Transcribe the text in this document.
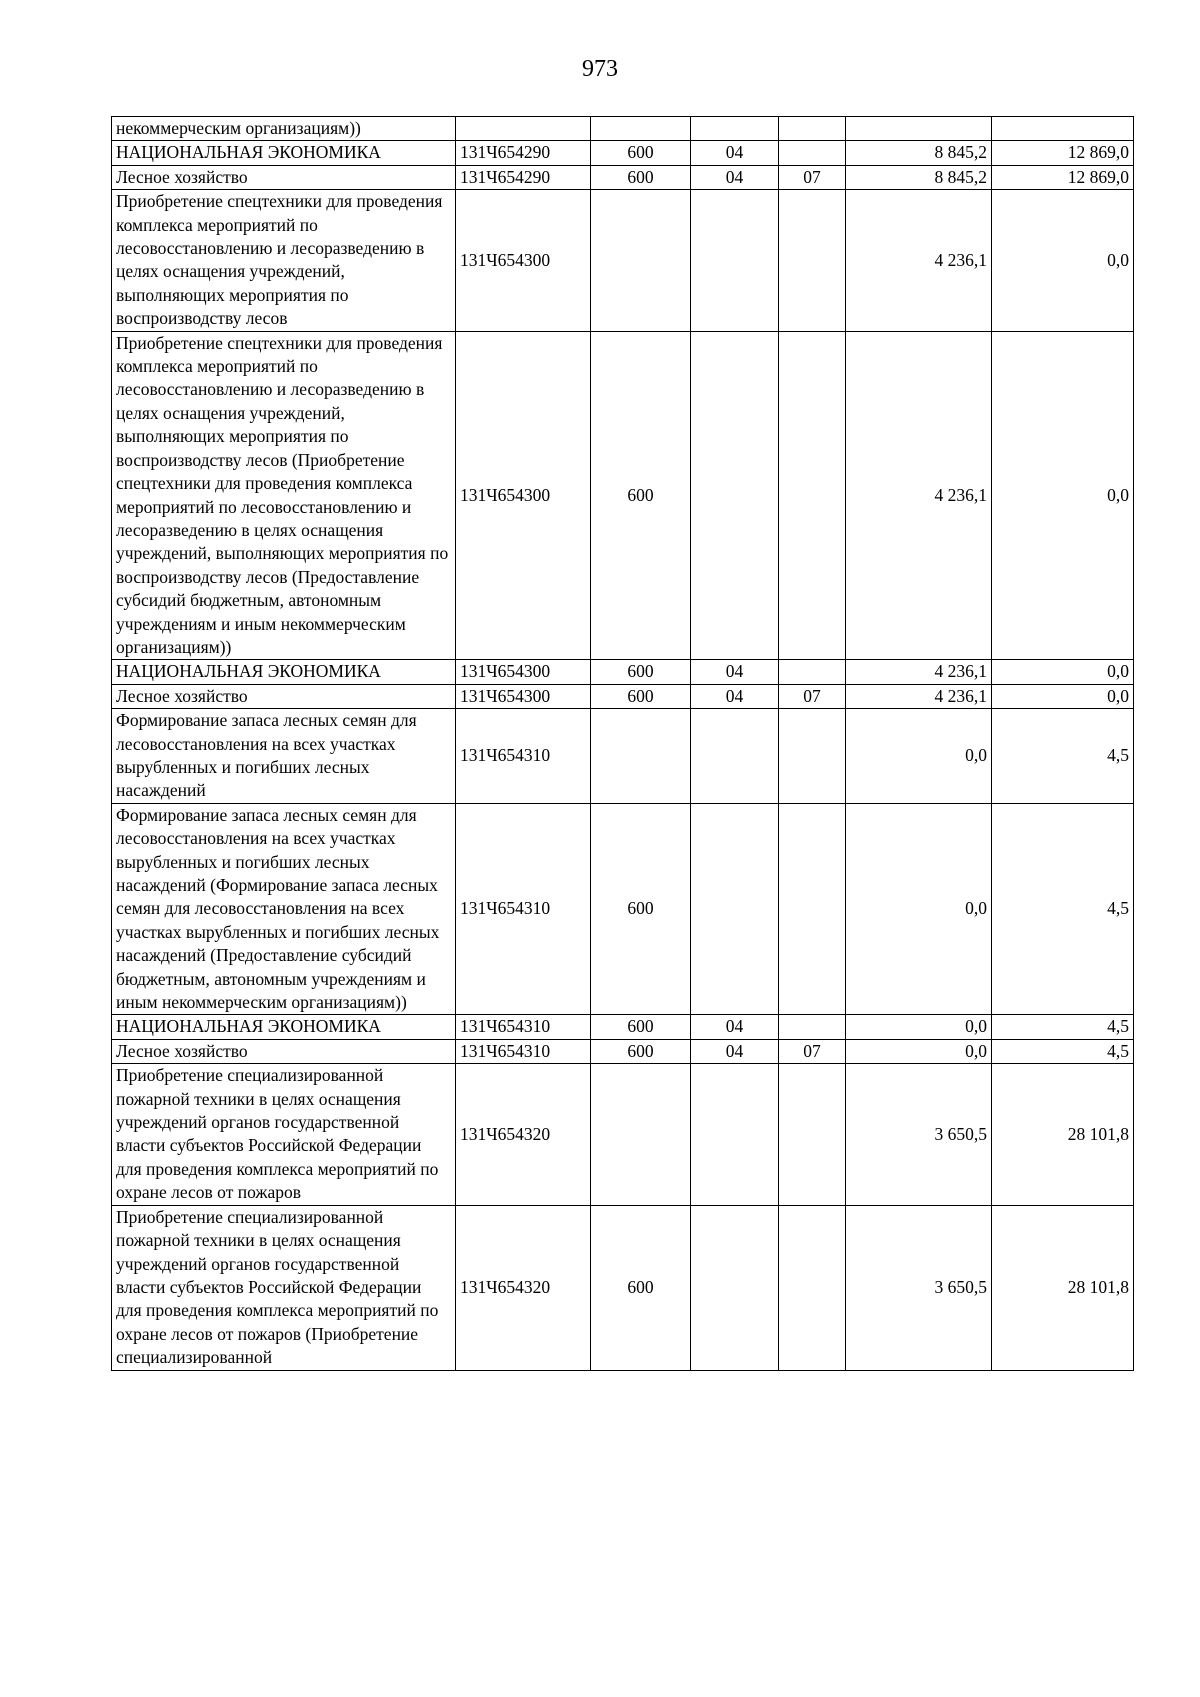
973
некоммерческим организациям))						
НАЦИОНАЛЬНАЯ ЭКОНОМИКА	131Ч654290	600	04		8 845,2	12 869,0
Лесное хозяйство	131Ч654290	600	04	07	8 845,2	12 869,0
Приобретение спецтехники для проведения комплекса мероприятий по лесовосстановлению и лесоразведению в целях оснащения учреждений, выполняющих мероприятия по воспроизводству лесов	131Ч654300				4 236,1	0,0
Приобретение спецтехники для проведения комплекса мероприятий по лесовосстановлению и лесоразведению в целях оснащения учреждений, выполняющих мероприятия по воспроизводству лесов (Приобретение спецтехники для проведения комплекса мероприятий по лесовосстановлению и лесоразведению в целях оснащения учреждений, выполняющих мероприятия по воспроизводству лесов (Предоставление субсидий бюджетным, автономным учреждениям и иным некоммерческим организациям))	131Ч654300	600			4 236,1	0,0
НАЦИОНАЛЬНАЯ ЭКОНОМИКА	131Ч654300	600	04		4 236,1	0,0
Лесное хозяйство	131Ч654300	600	04	07	4 236,1	0,0
Формирование запаса лесных семян для лесовосстановления на всех участках вырубленных и погибших лесных насаждений	131Ч654310				0,0	4,5
Формирование запаса лесных семян для лесовосстановления на всех участках вырубленных и погибших лесных насаждений (Формирование запаса лесных семян для лесовосстановления на всех участках вырубленных и погибших лесных насаждений (Предоставление субсидий бюджетным, автономным учреждениям и иным некоммерческим организациям))	131Ч654310	600			0,0	4,5
НАЦИОНАЛЬНАЯ ЭКОНОМИКА	131Ч654310	600	04		0,0	4,5
Лесное хозяйство	131Ч654310	600	04	07	0,0	4,5
Приобретение специализированной пожарной техники в целях оснащения учреждений органов государственной власти субъектов Российской Федерации для проведения комплекса мероприятий по охране лесов от пожаров	131Ч654320				3 650,5	28 101,8
Приобретение специализированной пожарной техники в целях оснащения учреждений органов государственной власти субъектов Российской Федерации для проведения комплекса мероприятий по охране лесов от пожаров (Приобретение специализированной	131Ч654320	600			3 650,5	28 101,8
